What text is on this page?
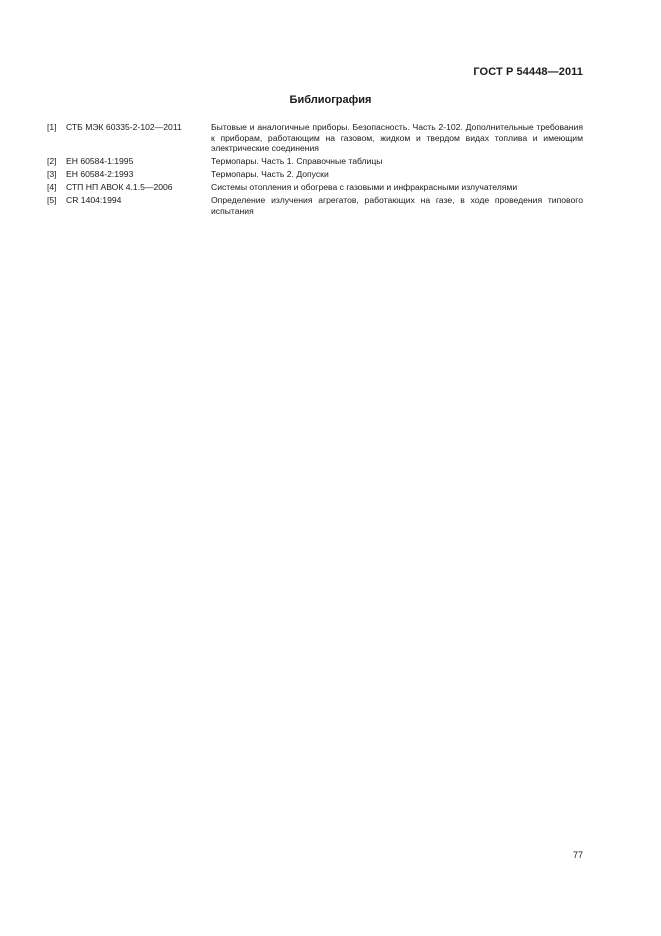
ГОСТ Р 54448—2011
Библиография
[1]	СТБ МЭК 60335-2-102—2011	Бытовые и аналогичные приборы. Безопасность. Часть 2-102. Дополнительные требования к приборам, работающим на газовом, жидком и твердом видах топлива и имеющим электрические соединения
[2]	ЕН 60584-1:1995	Термопары. Часть 1. Справочные таблицы
[3]	ЕН 60584-2:1993	Термопары. Часть 2. Допуски
[4]	СТП НП АВОК 4.1.5—2006	Системы отопления и обогрева с газовыми и инфракрасными излучателями
[5]	CR 1404:1994	Определение излучения агрегатов, работающих на газе, в ходе проведения типового испытания
77
